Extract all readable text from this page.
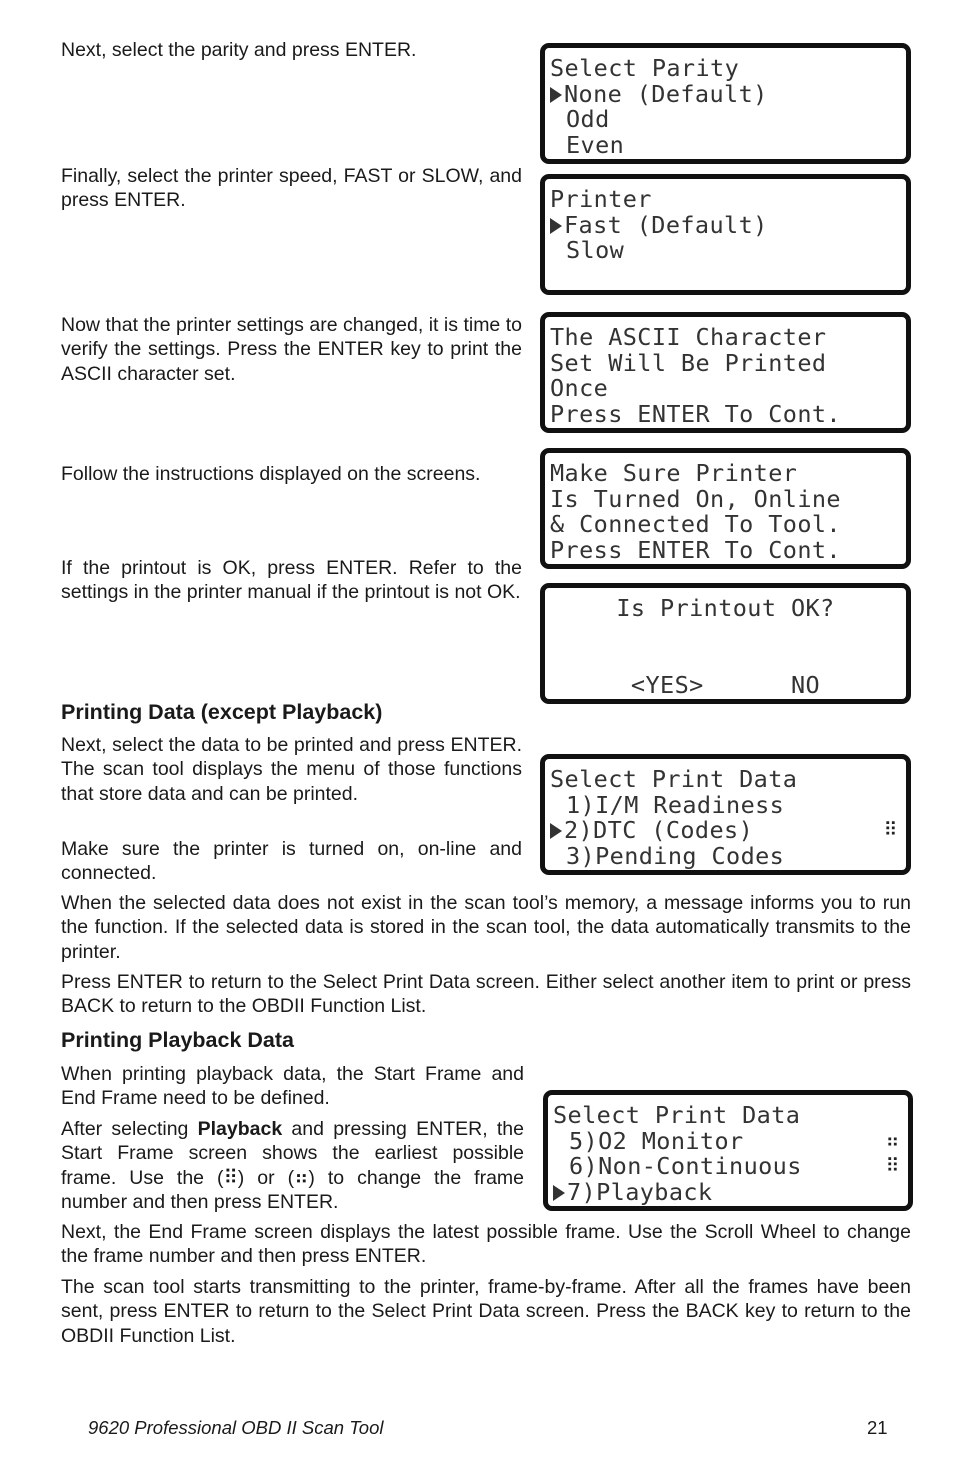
Next, select the parity and press ENTER.

Select Parity
None (Default)
Odd
Even

Finally, select the printer speed, FAST or SLOW, and press ENTER.	Printer
Fast (Default)
Slow

Now that the printer settings are changed, it is time to verify the settings. Press the ENTER key to print the ASCII character set.

The ASCII Character
Set Will Be Printed
Once
Press ENTER To Cont.

Follow the instructions displayed on the screens.	Make Sure Printer
Is Turned On, Online
& Connected To Tool.
Press ENTER To Cont.

If the printout is OK, press ENTER. Refer to the settings in the printer manual if the printout is not OK.

Is Printout OK?
<YES>      NO
Printing Data (except Playback)

Next, select the data to be printed and press ENTER. The scan tool displays the menu of those functions that store data and can be printed.

Select Print Data
1)I/M Readiness
2)DTC (Codes)	⠿
3)Pending Codes

Make sure the printer is turned on, on-line and connected.

When the selected data does not exist in the scan tool’s memory, a message informs you to run the function. If the selected data is stored in the scan tool, the data automatically transmits to the printer.

Press ENTER to return to the Select Print Data screen. Either select another item to print or press BACK to return to the OBDII Function List.

Printing Playback Data

When printing playback data, the Start Frame and End Frame need to be defined.

After selecting Playback and pressing ENTER, the Start Frame screen shows the earliest possible frame. Use the (⠿) or (⠶) to change the frame number and then press ENTER.

Select Print Data
5)O2 Monitor	⠶
6)Non-Continuous	⠿
7)Playback

Next, the End Frame screen displays the latest possible frame. Use the Scroll Wheel to change the frame number and then press ENTER.

The scan tool starts transmitting to the printer, frame-by-frame. After all the frames have been sent, press ENTER to return to the Select Print Data screen. Press the BACK key to return to the OBDII Function List.

9620 Professional OBD II Scan Tool	21
